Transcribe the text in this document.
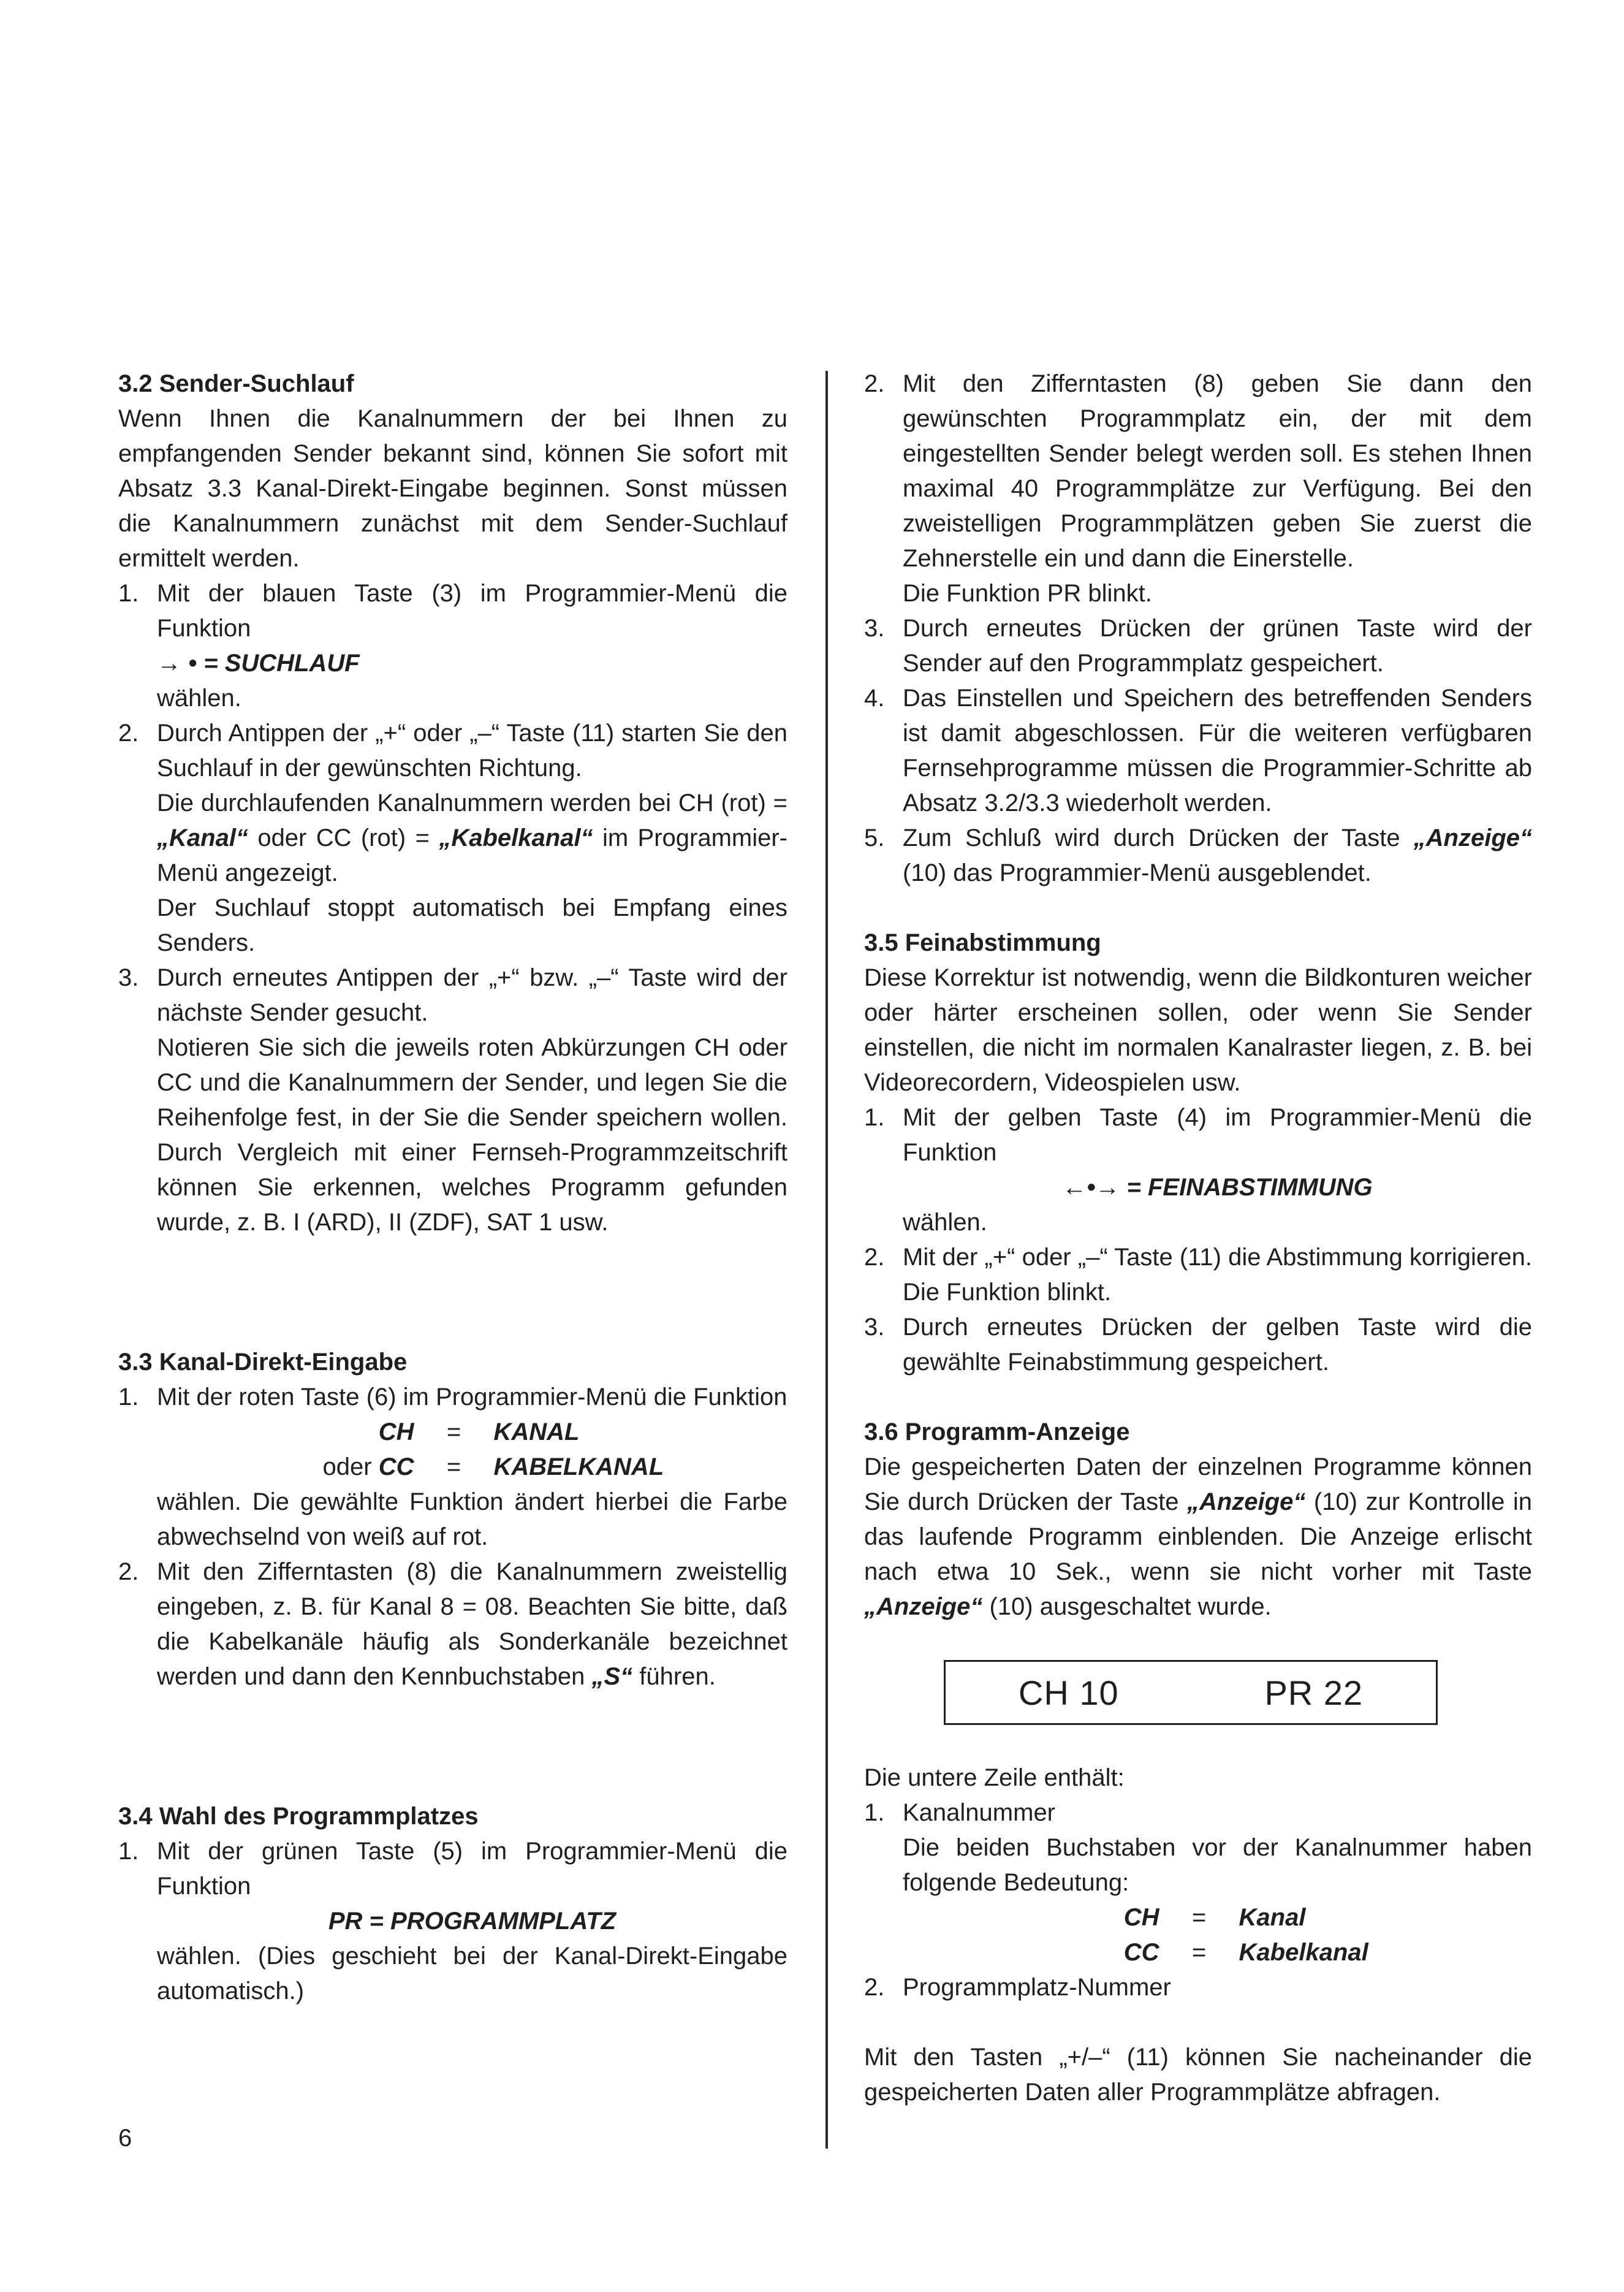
3.2 Sender-Suchlauf

Wenn Ihnen die Kanalnummern der bei Ihnen zu empfangenden Sender bekannt sind, können Sie sofort mit Absatz 3.3 Kanal-Direkt-Eingabe beginnen. Sonst müssen die Kanalnummern zunächst mit dem Sender-Suchlauf ermittelt werden.

1. Mit der blauen Taste (3) im Programmier-Menü die Funktion

→ • = SUCHLAUF

wählen.

2. Durch Antippen der „+“ oder „–“ Taste (11) starten Sie den Suchlauf in der gewünschten Richtung.

Die durchlaufenden Kanalnummern werden bei CH (rot) = „Kanal“ oder CC (rot) = „Kabelkanal“ im Programmier-Menü angezeigt.

Der Suchlauf stoppt automatisch bei Empfang eines Senders.

3. Durch erneutes Antippen der „+“ bzw. „–“ Taste wird der nächste Sender gesucht.

Notieren Sie sich die jeweils roten Abkürzungen CH oder CC und die Kanalnummern der Sender, und legen Sie die Reihenfolge fest, in der Sie die Sender speichern wollen. Durch Vergleich mit einer Fernseh-Programmzeitschrift können Sie erkennen, welches Programm gefunden wurde, z. B. I (ARD), II (ZDF), SAT 1 usw.

3.3 Kanal-Direkt-Eingabe
1. Mit der roten Taste (6) im Programmier-Menü die Funktion

CH	=	KANAL
oder CC	=	KABELKANAL

wählen. Die gewählte Funktion ändert hierbei die Farbe abwechselnd von weiß auf rot.

2. Mit den Zifferntasten (8) die Kanalnummern zweistellig eingeben, z. B. für Kanal 8 = 08. Beachten Sie bitte, daß die Kabelkanäle häufig als Sonderkanäle bezeichnet werden und dann den Kennbuchstaben „S“ führen.

3.4 Wahl des Programmplatzes
1. Mit der grünen Taste (5) im Programmier-Menü die Funktion

PR = PROGRAMMPLATZ

wählen. (Dies geschieht bei der Kanal-Direkt-Eingabe automatisch.)

6
2. Mit den Zifferntasten (8) geben Sie dann den gewünschten Programmplatz ein, der mit dem eingestellten Sender belegt werden soll. Es stehen Ihnen maximal 40 Programmplätze zur Verfügung. Bei den zweistelligen Programmplätzen geben Sie zuerst die Zehnerstelle ein und dann die Einerstelle.

Die Funktion PR blinkt.

3. Durch erneutes Drücken der grünen Taste wird der Sender auf den Programmplatz gespeichert.

4. Das Einstellen und Speichern des betreffenden Senders ist damit abgeschlossen. Für die weiteren verfügbaren Fernsehprogramme müssen die Programmier-Schritte ab Absatz 3.2/3.3 wiederholt werden.

5. Zum Schluß wird durch Drücken der Taste „Anzeige“ (10) das Programmier-Menü ausgeblendet.

3.5 Feinabstimmung

Diese Korrektur ist notwendig, wenn die Bildkonturen weicher oder härter erscheinen sollen, oder wenn Sie Sender einstellen, die nicht im normalen Kanalraster liegen, z. B. bei Videorecordern, Videospielen usw.

1. Mit der gelben Taste (4) im Programmier-Menü die Funktion

←•→ = FEINABSTIMMUNG

wählen.

2. Mit der „+“ oder „–“ Taste (11) die Abstimmung korrigieren. Die Funktion blinkt.

3. Durch erneutes Drücken der gelben Taste wird die gewählte Feinabstimmung gespeichert.

3.6 Programm-Anzeige

Die gespeicherten Daten der einzelnen Programme können Sie durch Drücken der Taste „Anzeige“ (10) zur Kontrolle in das laufende Programm einblenden. Die Anzeige erlischt nach etwa 10 Sek., wenn sie nicht vorher mit Taste „Anzeige“ (10) ausgeschaltet wurde.

CH 10	PR 22

Die untere Zeile enthält:

1. Kanalnummer

Die beiden Buchstaben vor der Kanalnummer haben folgende Bedeutung:

CH	=	Kanal
CC	=	Kabelkanal
2. Programmplatz-Nummer

Mit den Tasten „+/–“ (11) können Sie nacheinander die gespeicherten Daten aller Programmplätze abfragen.
